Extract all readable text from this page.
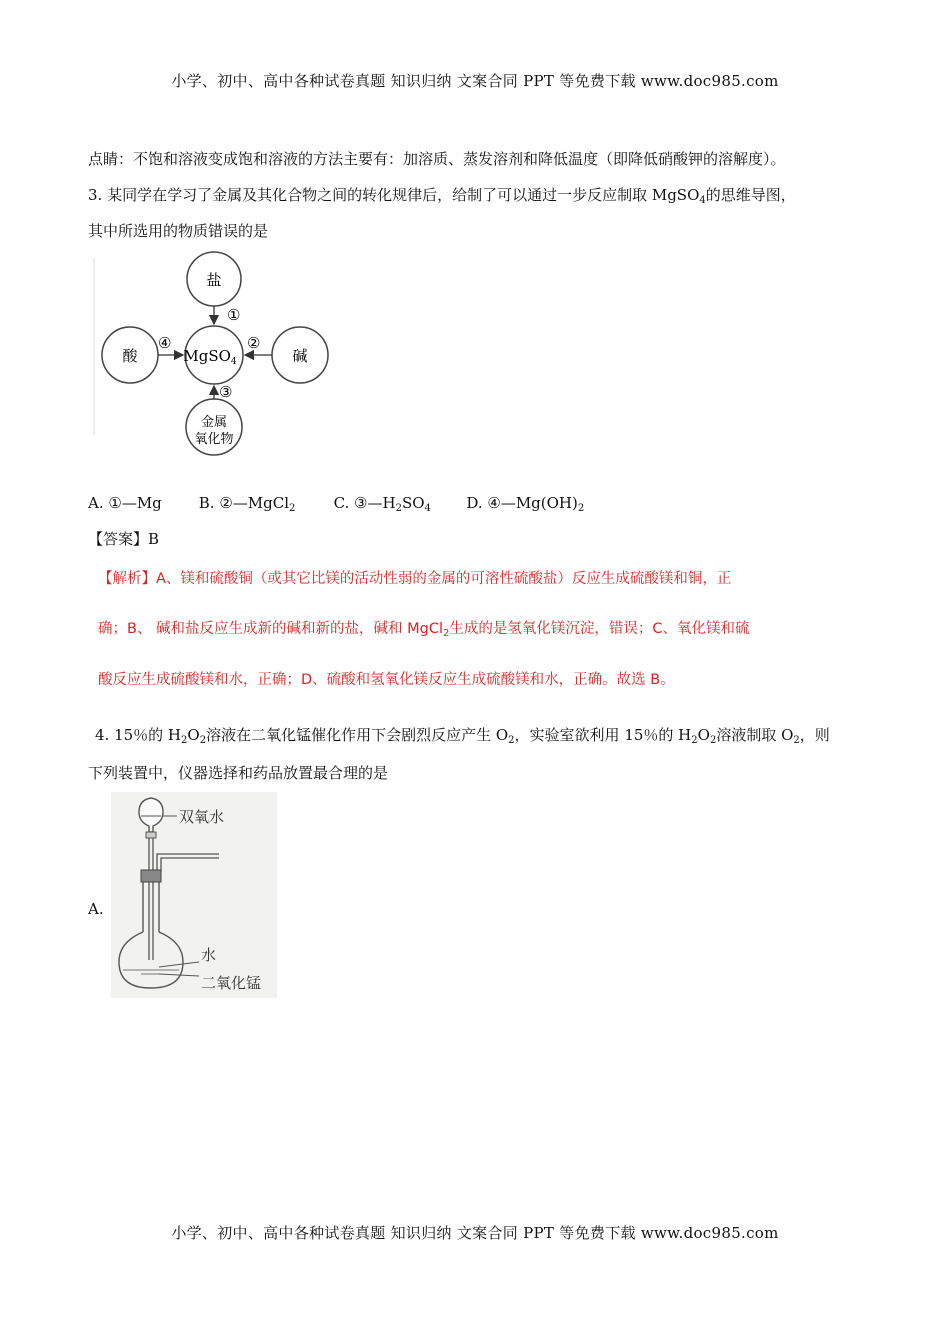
小学、初中、高中各种试卷真题 知识归纳 文案合同 PPT 等免费下载 www.doc985.com
点睛：不饱和溶液变成饱和溶液的方法主要有：加溶质、蒸发溶剂和降低温度（即降低硝酸钾的溶解度）。
3. 某同学在学习了金属及其化合物之间的转化规律后，给制了可以通过一步反应制取 MgSO$_4$的思维导图，
其中所选用的物质错误的是
盐
MgSO$_4$
酸	碱
金属
氧化物
①
②
③
④
A. ①—Mg B. ②—MgCl$_2$	C. $③—H_2SO_4$ D. $④—Mg(OH)_2$
【答案】B
【解析】A、镁和硫酸铜（或其它比镁的活动性弱的金属的可溶性硫酸盐）反应生成硫酸镁和铜，正
确；B、 碱和盐反应生成新的碱和新的盐，碱和 MgCl$_2$生成的是氢氧化镁沉淀，错误；C、氧化镁和硫
酸反应生成硫酸镁和水，正确；D、硫酸和氢氧化镁反应生成硫酸镁和水，正确。故选 B。
4. 15％的 $H_2O_2$溶液在二氧化锰催化作用下会剧烈反应产生 $O_2$，实验室欲利用 15％的 $H_2O_2$溶液制取 $O_2$，则
下列装置中，仪器选择和药品放置最合理的是
A.
双氧水
水
二氧化锰
小学、初中、高中各种试卷真题 知识归纳 文案合同 PPT 等免费下载 www.doc985.com
